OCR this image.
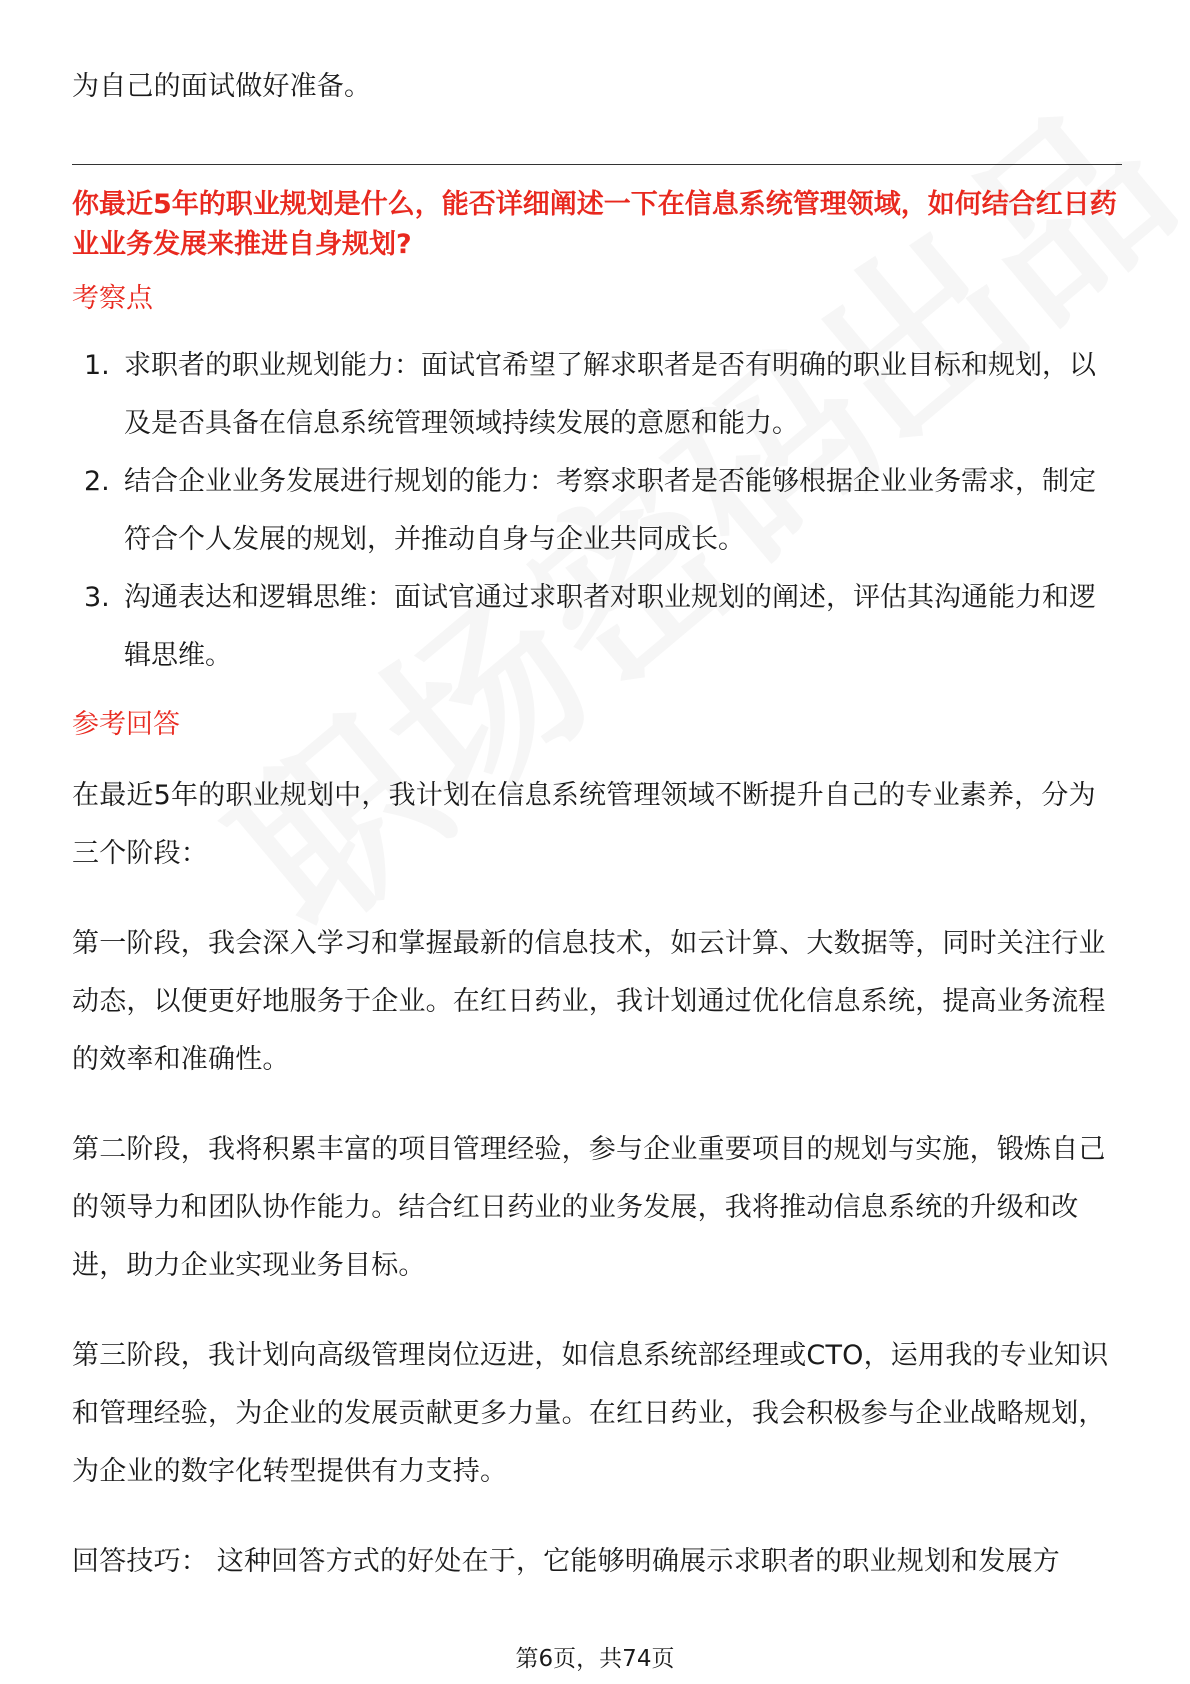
为自己的面试做好准备。

你最近5年的职业规划是什么，能否详细阐述一下在信息系统管理领域，如何结合红日药业业务发展来推进自身规划?

考察点

1. 求职者的职业规划能力：面试官希望了解求职者是否有明确的职业目标和规划，以及是否具备在信息系统管理领域持续发展的意愿和能力。
2. 结合企业业务发展进行规划的能力：考察求职者是否能够根据企业业务需求，制定符合个人发展的规划，并推动自身与企业共同成长。
3. 沟通表达和逻辑思维：面试官通过求职者对职业规划的阐述，评估其沟通能力和逻辑思维。

参考回答

在最近5年的职业规划中，我计划在信息系统管理领域不断提升自己的专业素养，分为三个阶段：

第一阶段，我会深入学习和掌握最新的信息技术，如云计算、大数据等，同时关注行业动态，以便更好地服务于企业。在红日药业，我计划通过优化信息系统，提高业务流程的效率和准确性。

第二阶段，我将积累丰富的项目管理经验，参与企业重要项目的规划与实施，锻炼自己的领导力和团队协作能力。结合红日药业的业务发展，我将推动信息系统的升级和改进，助力企业实现业务目标。

第三阶段，我计划向高级管理岗位迈进，如信息系统部经理或CTO，运用我的专业知识和管理经验，为企业的发展贡献更多力量。在红日药业，我会积极参与企业战略规划，为企业的数字化转型提供有力支持。

回答技巧： 这种回答方式的好处在于，它能够明确展示求职者的职业规划和发展方

第6页，共74页
